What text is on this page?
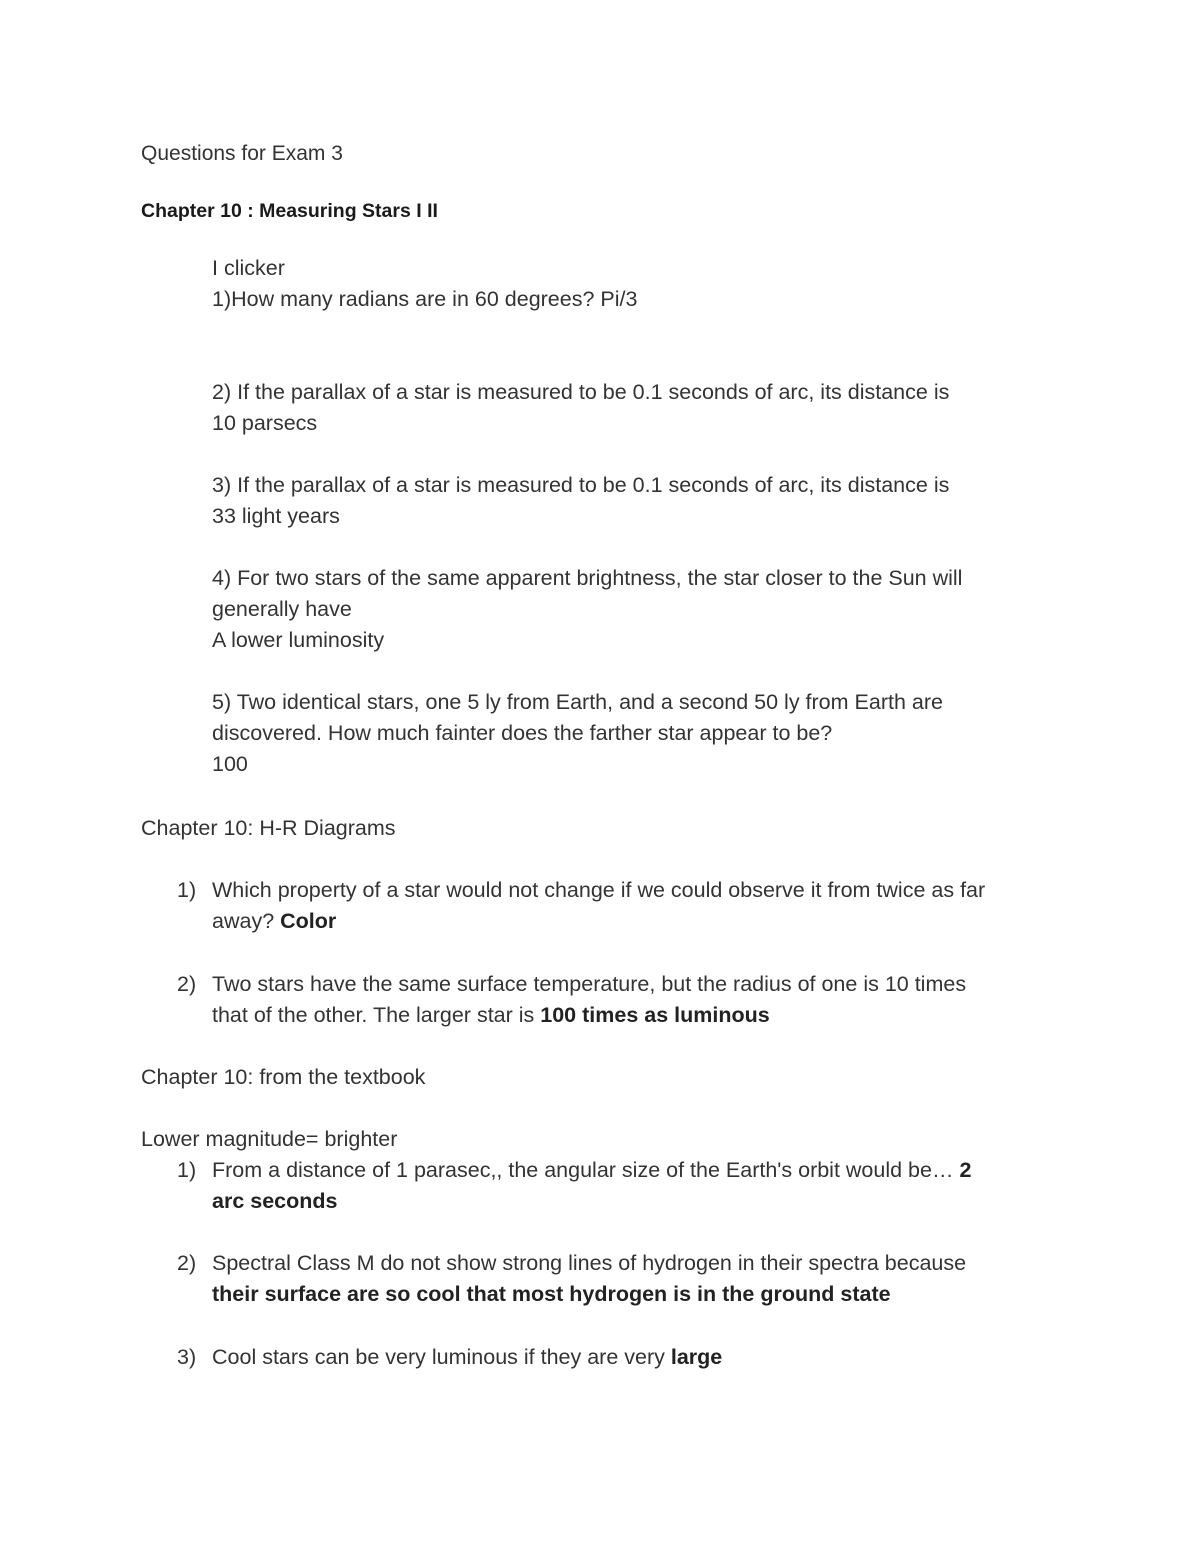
Questions for Exam 3
Chapter 10 : Measuring Stars I II
I clicker
1)How many radians are in 60 degrees? Pi/3
2) If the parallax of a star is measured to be 0.1 seconds of arc, its distance is
10 parsecs
3) If the parallax of a star is measured to be 0.1 seconds of arc, its distance is
33 light years
4) For two stars of the same apparent brightness, the star closer to the Sun will
generally have
A lower luminosity
5) Two identical stars, one 5 ly from Earth, and a second 50 ly from Earth are
discovered. How much fainter does the farther star appear to be?
100
Chapter 10: H-R Diagrams
1) Which property of a star would not change if we could observe it from twice as far
away? Color
2) Two stars have the same surface temperature, but the radius of one is 10 times
that of the other. The larger star is 100 times as luminous
Chapter 10: from the textbook
Lower magnitude= brighter
1) From a distance of 1 parasec,, the angular size of the Earth's orbit would be… 2
arc seconds
2) Spectral Class M do not show strong lines of hydrogen in their spectra because
their surface are so cool that most hydrogen is in the ground state
3) Cool stars can be very luminous if they are very large
